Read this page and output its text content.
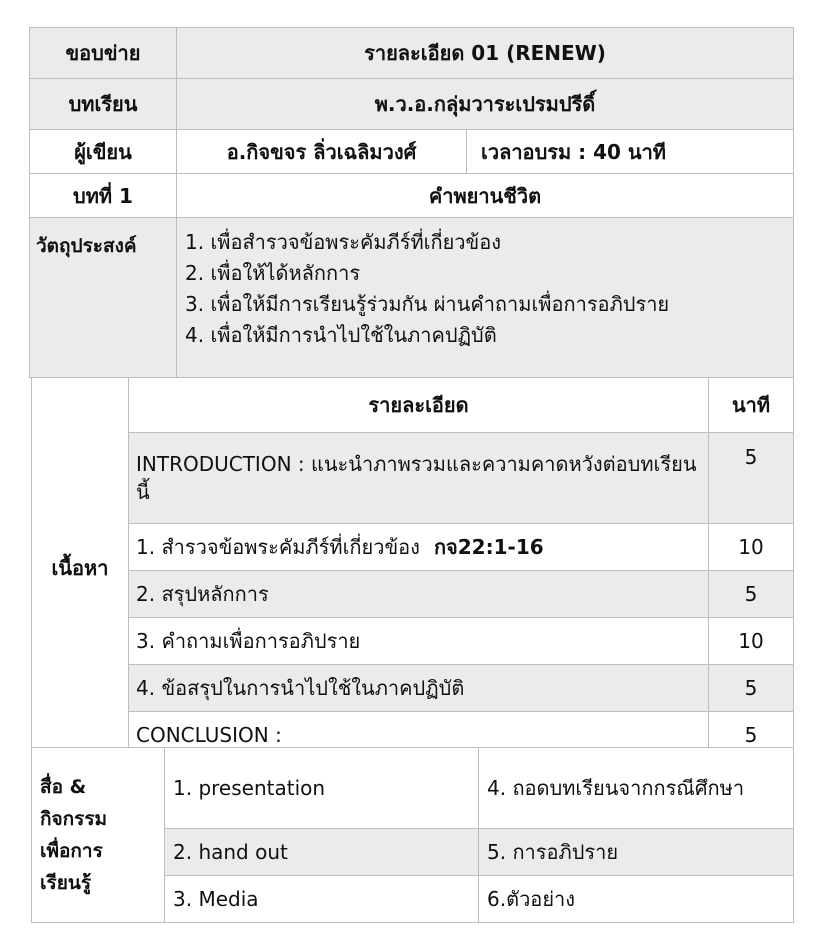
ขอบข่าย	รายละเอียด 01 (RENEW)	
บทเรียน	พ.ว.อ.กลุ่มวาระเปรมปรีดิ์	
ผู้เขียน	อ.กิจขจร ลิ่วเฉลิมวงศ์	เวลาอบรม : 40 นาที
บทที่ 1	คำพยานชีวิต	
วัตถุประสงค์	1. เพื่อสำรวจข้อพระคัมภีร์ที่เกี่ยวข้อง
2. เพื่อให้ได้หลักการ
3. เพื่อให้มีการเรียนรู้ร่วมกัน ผ่านคำถามเพื่อการอภิปราย
4. เพื่อให้มีการนำไปใช้ในภาคปฏิบัติ	
เนื้อหา	รายละเอียด	นาที
	INTRODUCTION : แนะนำภาพรวมและความคาดหวังต่อบทเรียนนี้	5
	1. สำรวจข้อพระคัมภีร์ที่เกี่ยวข้อง กจ22:1-16	10
	2. สรุปหลักการ	5
	3. คำถามเพื่อการอภิปราย	10
	4. ข้อสรุปในการนำไปใช้ในภาคปฏิบัติ	5
	CONCLUSION :	5
สื่อ &
กิจกรรม
เพื่อการ
เรียนรู้	1. presentation	4. ถอดบทเรียนจากกรณีศึกษา
	2. hand out	5. การอภิปราย
	3. Media	6.ตัวอย่าง
